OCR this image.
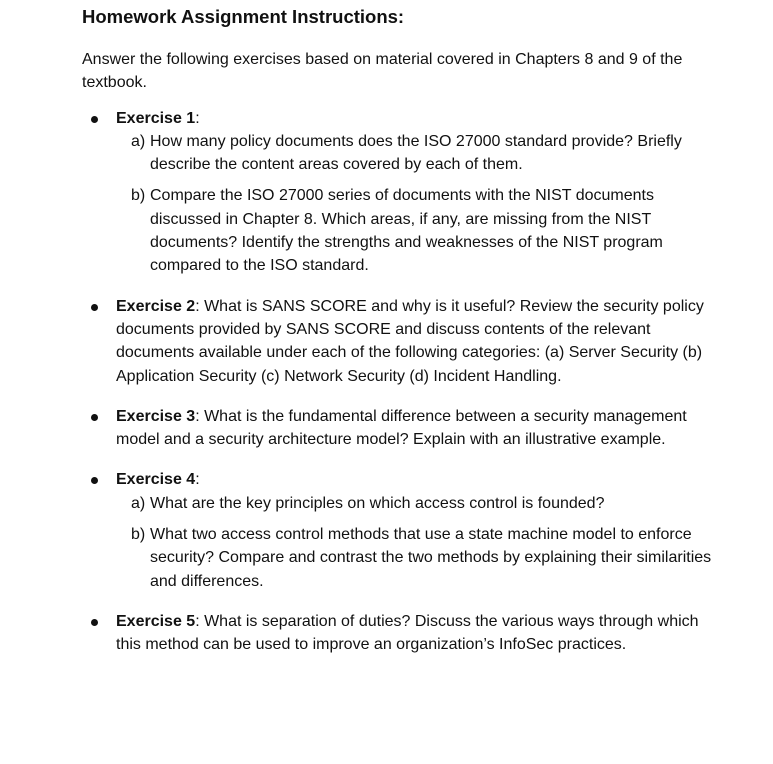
Homework Assignment Instructions:
Answer the following exercises based on material covered in Chapters 8 and 9 of the textbook.
Exercise 1:
a) How many policy documents does the ISO 27000 standard provide? Briefly describe the content areas covered by each of them.
b) Compare the ISO 27000 series of documents with the NIST documents discussed in Chapter 8. Which areas, if any, are missing from the NIST documents? Identify the strengths and weaknesses of the NIST program compared to the ISO standard.
Exercise 2: What is SANS SCORE and why is it useful? Review the security policy documents provided by SANS SCORE and discuss contents of the relevant documents available under each of the following categories: (a) Server Security (b) Application Security (c) Network Security (d) Incident Handling.
Exercise 3: What is the fundamental difference between a security management model and a security architecture model? Explain with an illustrative example.
Exercise 4:
a) What are the key principles on which access control is founded?
b) What two access control methods that use a state machine model to enforce security? Compare and contrast the two methods by explaining their similarities and differences.
Exercise 5: What is separation of duties? Discuss the various ways through which this method can be used to improve an organization’s InfoSec practices.
